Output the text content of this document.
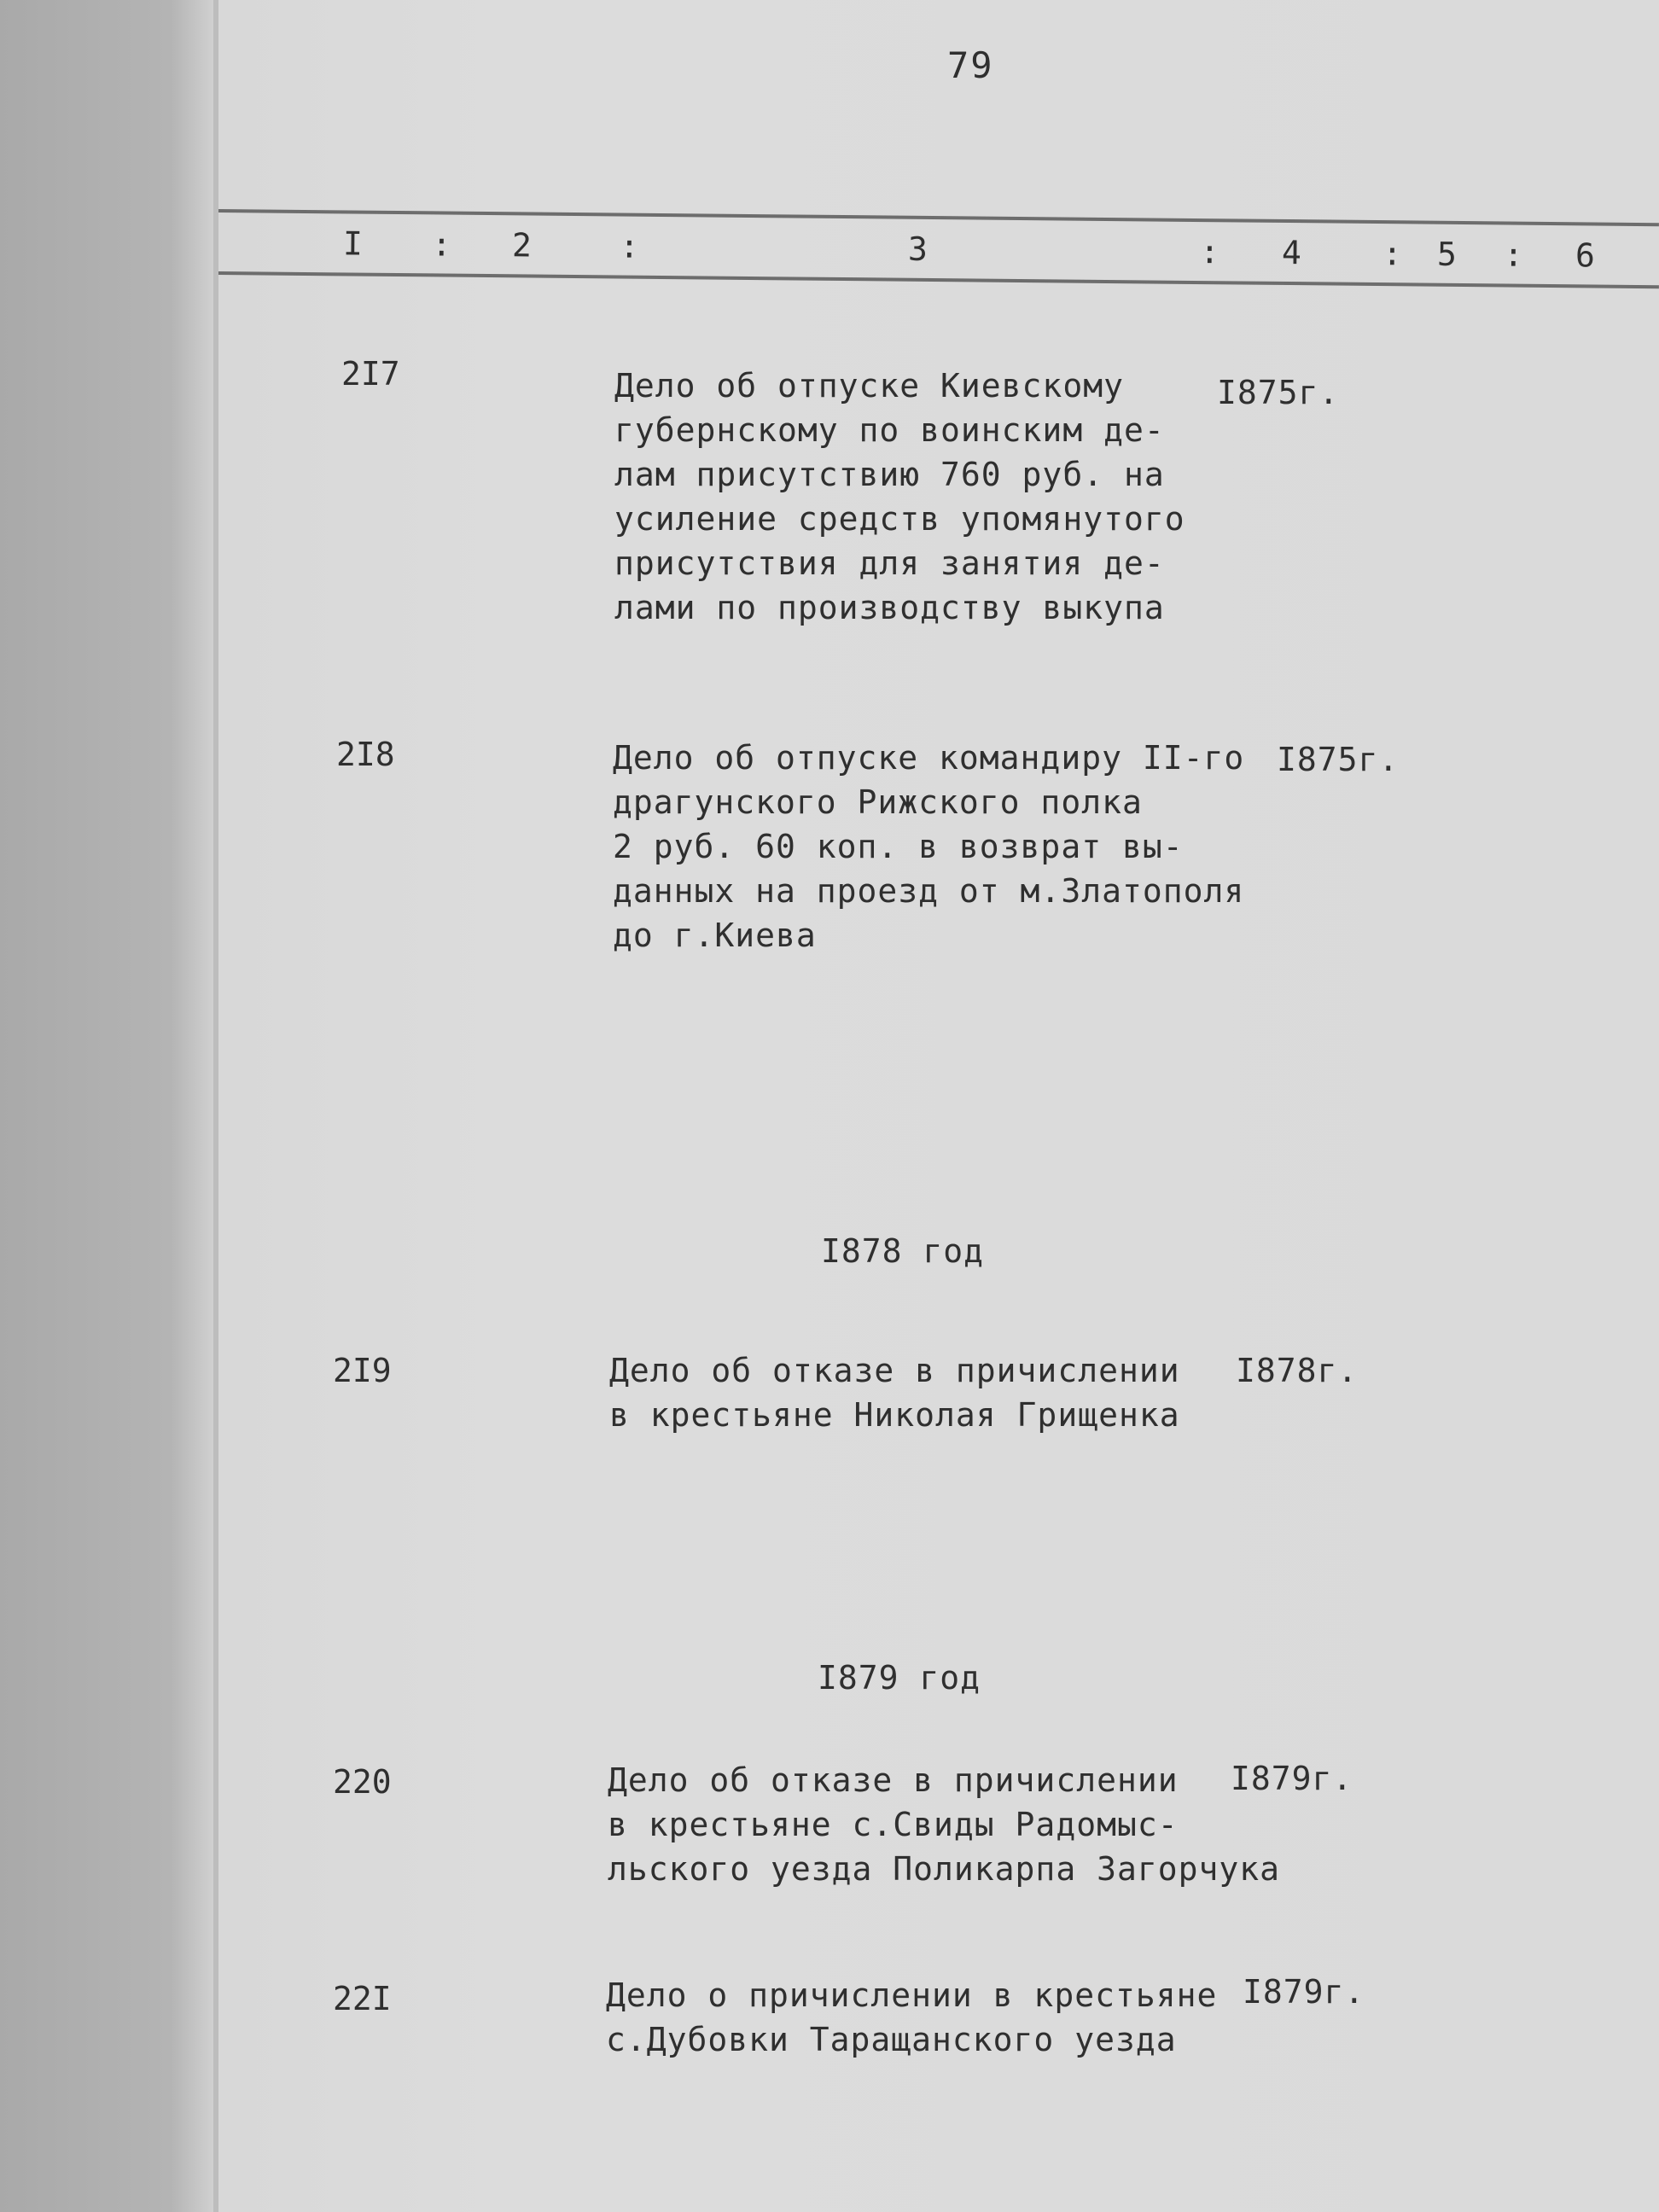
79
I : 2	:	3	: 4 : 5 : 6
2I7	Дело об отпуске Киевскому
губернскому по воинским де-
лам присутствию 760 руб. на
усиление средств упомянутого
присутствия для занятия де-
лами по производству выкупа
I875г.
2I8	Дело об отпуске командиру II-го
драгунского Рижского полка
2 руб. 60 коп. в возврат вы-
данных на проезд от м.Златополя
до г.Киева
I875г.
I878 год
2I9	Дело об отказе в причислении
в крестьяне Николая Грищенка
I878г.
I879 год
220	Дело об отказе в причислении
в крестьяне с.Свиды Радомыс-
льского уезда Поликарпа Загорчука
I879г.
22I	Дело о причислении в крестьяне
с.Дубовки Таращанского уезда
I879г.
